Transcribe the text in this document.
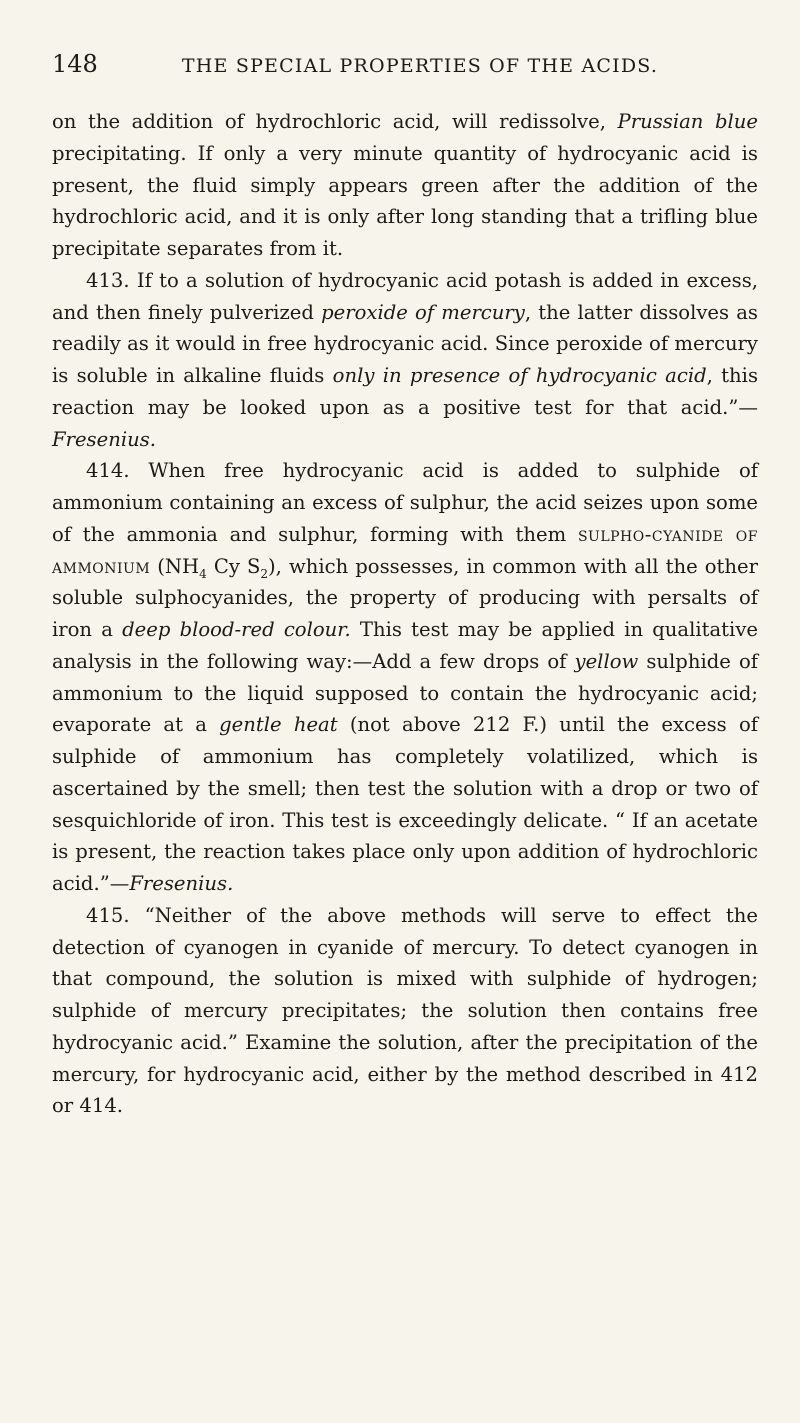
148	THE SPECIAL PROPERTIES OF THE ACIDS.

on the addition of hydrochloric acid, will redissolve, Prussian blue precipitating. If only a very minute quantity of hydrocyanic acid is present, the fluid simply appears green after the addition of the hydrochloric acid, and it is only after long standing that a trifling blue precipitate separates from it.

413. If to a solution of hydrocyanic acid potash is added in excess, and then finely pulverized peroxide of mercury, the latter dissolves as readily as it would in free hydrocyanic acid. Since peroxide of mercury is soluble in alkaline fluids only in presence of hydrocyanic acid, this reaction may be looked upon as a positive test for that acid.”—Fresenius.

414. When free hydrocyanic acid is added to sulphide of ammonium containing an excess of sulphur, the acid seizes upon some of the ammonia and sulphur, forming with them sulpho-cyanide of ammonium ($NH_4$ Cy $S_2$), which possesses, in common with all the other soluble sulphocyanides, the property of producing with persalts of iron a deep blood-red colour. This test may be applied in qualitative analysis in the following way:—Add a few drops of yellow sulphide of ammonium to the liquid supposed to contain the hydrocyanic acid; evaporate at a gentle heat (not above 212 F.) until the excess of sulphide of ammonium has completely volatilized, which is ascertained by the smell; then test the solution with a drop or two of sesquichloride of iron. This test is exceedingly delicate. “ If an acetate is present, the reaction takes place only upon addition of hydrochloric acid.”—Fresenius.

415. “Neither of the above methods will serve to effect the detection of cyanogen in cyanide of mercury. To detect cyanogen in that compound, the solution is mixed with sulphide of hydrogen; sulphide of mercury precipitates; the solution then contains free hydrocyanic acid.” Examine the solution, after the precipitation of the mercury, for hydrocyanic acid, either by the method described in 412 or 414.
